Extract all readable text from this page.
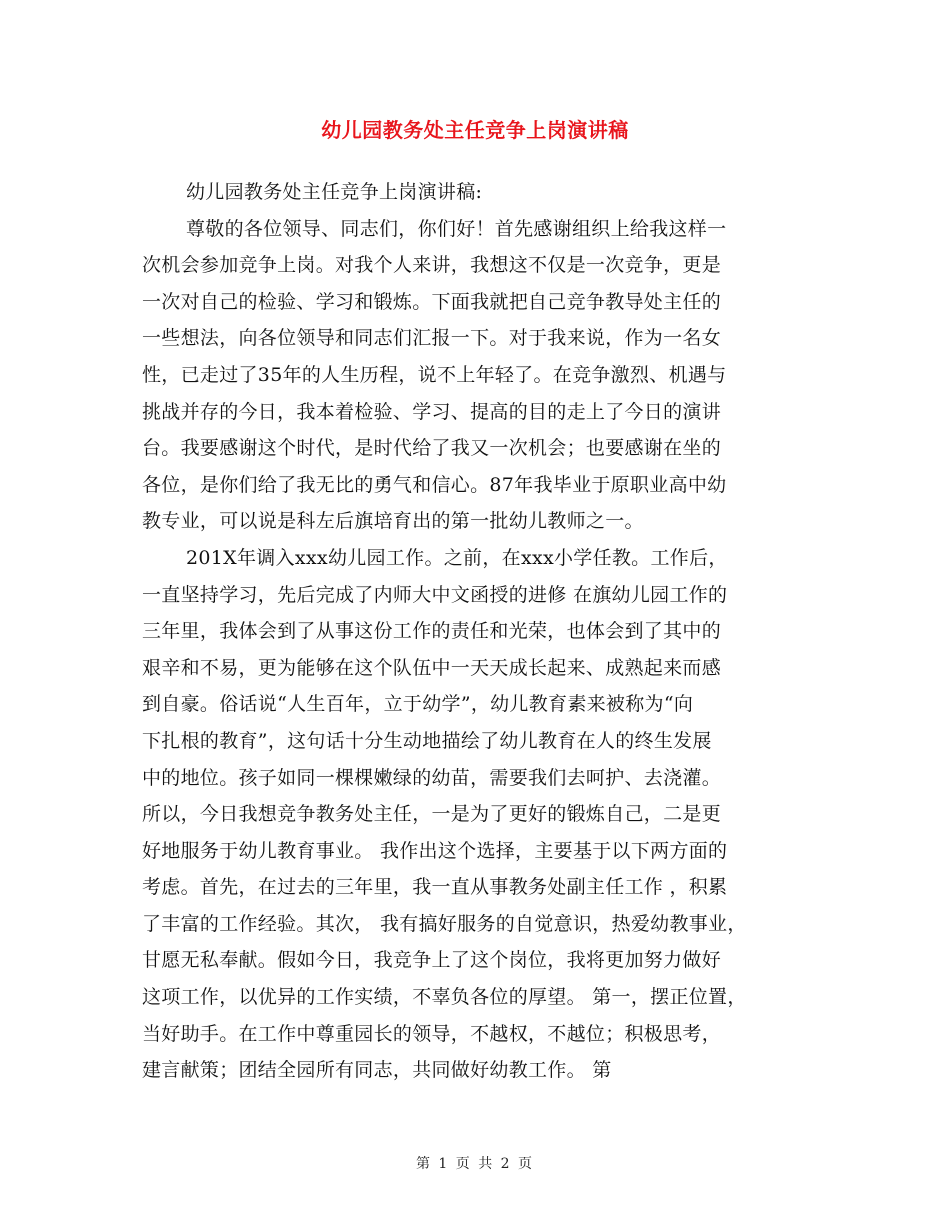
幼儿园教务处主任竞争上岗演讲稿
幼儿园教务处主任竞争上岗演讲稿:
尊敬的各位领导、同志们，你们好！首先感谢组织上给我这样一
次机会参加竞争上岗。对我个人来讲，我想这不仅是一次竞争，更是
一次对自己的检验、学习和锻炼。下面我就把自己竞争教导处主任的
一些想法，向各位领导和同志们汇报一下。对于我来说，作为一名女
性，已走过了35年的人生历程，说不上年轻了。在竞争激烈、机遇与
挑战并存的今日，我本着检验、学习、提高的目的走上了今日的演讲
台。我要感谢这个时代，是时代给了我又一次机会；也要感谢在坐的
各位，是你们给了我无比的勇气和信心。87年我毕业于原职业高中幼
教专业，可以说是科左后旗培育出的第一批幼儿教师之一。
201X年调入xxx幼儿园工作。之前，在xxx小学任教。工作后，
一直坚持学习，先后完成了内师大中文函授的进修 在旗幼儿园工作的
三年里，我体会到了从事这份工作的责任和光荣，也体会到了其中的
艰辛和不易，更为能够在这个队伍中一天天成长起来、成熟起来而感
到自豪。俗话说“人生百年，立于幼学”，幼儿教育素来被称为“向
下扎根的教育”，这句话十分生动地描绘了幼儿教育在人的终生发展
中的地位。孩子如同一棵棵嫩绿的幼苗，需要我们去呵护、去浇灌。
所以，今日我想竞争教务处主任，一是为了更好的锻炼自己，二是更
好地服务于幼儿教育事业。 我作出这个选择，主要基于以下两方面的
考虑。首先，在过去的三年里，我一直从事教务处副主任工作 ，积累
了丰富的工作经验。其次， 我有搞好服务的自觉意识，热爱幼教事业，
甘愿无私奉献。假如今日，我竞争上了这个岗位，我将更加努力做好
这项工作，以优异的工作实绩，不辜负各位的厚望。 第一，摆正位置，
当好助手。在工作中尊重园长的领导，不越权，不越位；积极思考，
建言献策；团结全园所有同志，共同做好幼教工作。 第
第 1 页 共 2 页
